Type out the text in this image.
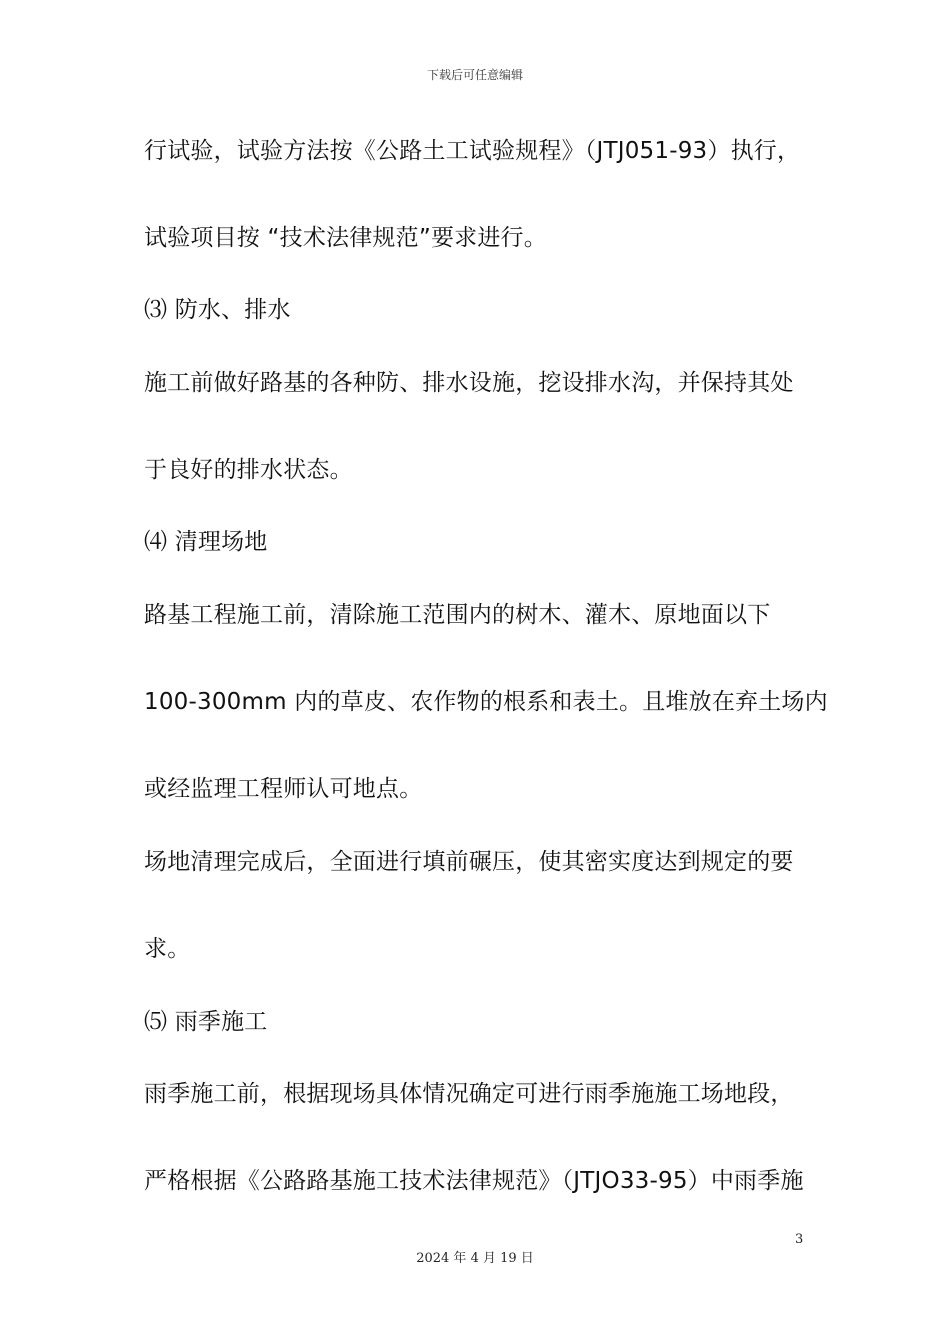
下载后可任意编辑
行试验，试验方法按《公路土工试验规程》（JTJ051-93）执行，
试验项目按 “技术法律规范”要求进行。
⑶ 防水、排水
施工前做好路基的各种防、排水设施，挖设排水沟，并保持其处
于良好的排水状态。
⑷ 清理场地
路基工程施工前，清除施工范围内的树木、灌木、原地面以下
100-300mm 内的草皮、农作物的根系和表土。且堆放在弃土场内
或经监理工程师认可地点。
场地清理完成后，全面进行填前碾压，使其密实度达到规定的要
求。
⑸ 雨季施工
雨季施工前，根据现场具体情况确定可进行雨季施施工场地段，
严格根据《公路路基施工技术法律规范》（JTJO33-95）中雨季施
3
2024 年 4 月 19 日
